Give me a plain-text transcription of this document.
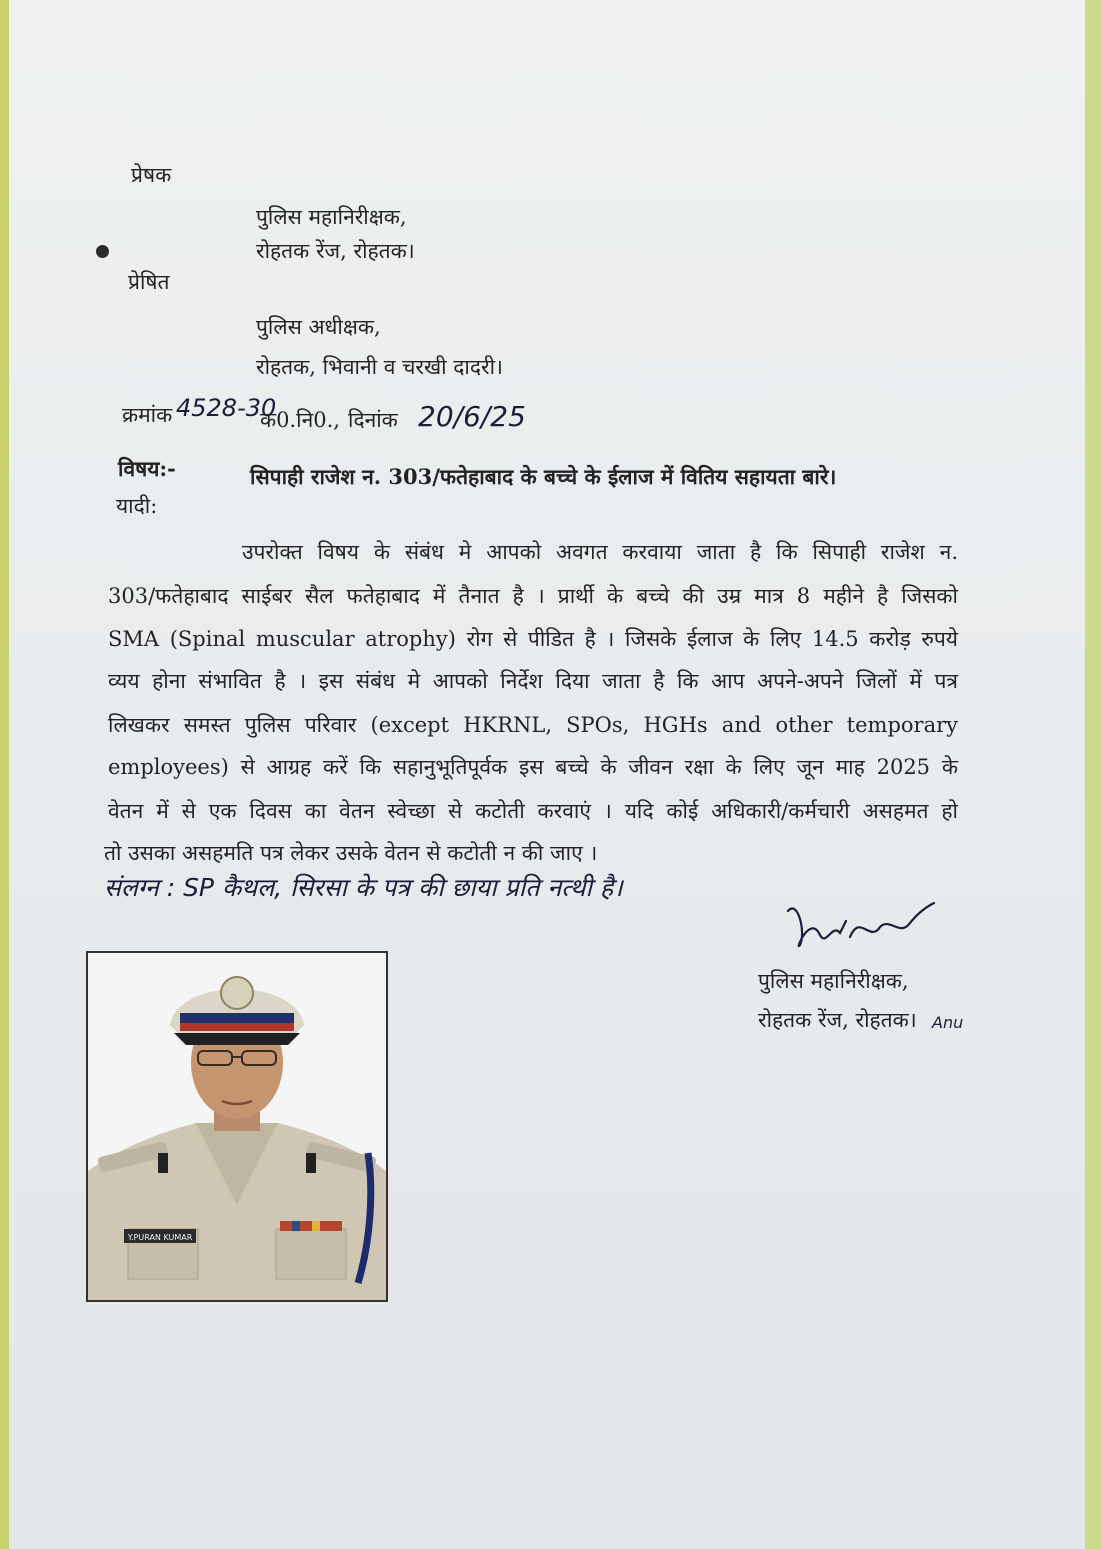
प्रेषक
पुलिस महानिरीक्षक,
रोहतक रेंज, रोहतक।
प्रेषित
पुलिस अधीक्षक,
रोहतक, भिवानी व चरखी दादरी।
क्रमांक 4528-30
क0.नि0., दिनांक 20/6/25
विषय:-	सिपाही राजेश न. 303/फतेहाबाद के बच्चे के ईलाज में वितिय सहायता बारे।
यादी:
उपरोक्त विषय के संबंध मे आपको अवगत करवाया जाता है कि सिपाही राजेश न.
303/फतेहाबाद साईबर सैल फतेहाबाद में तैनात है । प्रार्थी के बच्चे की उम्र मात्र 8 महीने है जिसको
SMA (Spinal muscular atrophy) रोग से पीडित है । जिसके ईलाज के लिए 14.5 करोड़ रुपये
व्यय होना संभावित है । इस संबंध मे आपको निर्देश दिया जाता है कि आप अपने-अपने जिलों में पत्र
लिखकर समस्त पुलिस परिवार (except HKRNL, SPOs, HGHs and other temporary
employees) से आग्रह करें कि सहानुभूतिपूर्वक इस बच्चे के जीवन रक्षा के लिए जून माह 2025 के
वेतन में से एक दिवस का वेतन स्वेच्छा से कटोती करवाएं । यदि कोई अधिकारी/कर्मचारी असहमत हो
तो उसका असहमति पत्र लेकर उसके वेतन से कटोती न की जाए ।
संलग्न : SP कैथल, सिरसा के पत्र की छाया प्रति नत्थी है।
पुलिस महानिरीक्षक,
रोहतक रेंज, रोहतक। Anu
Y.PURAN KUMAR
